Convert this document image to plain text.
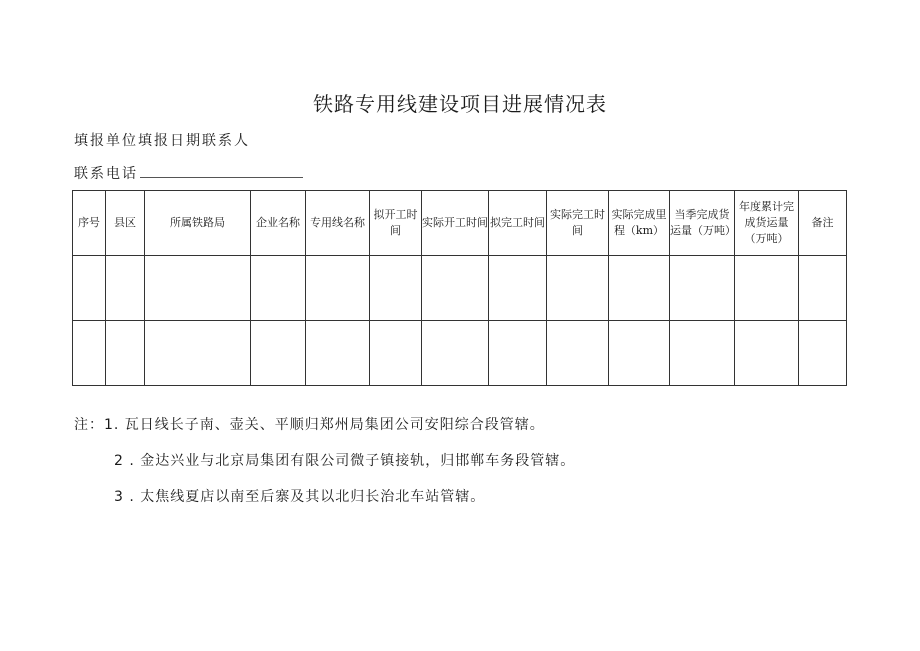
铁路专用线建设项目进展情况表
填报单位填报日期联系人
联系电话
序号	县区	所属铁路局	企业名称	专用线名称	拟开工时间	实际开工时间	拟完工时间	实际完工时间	实际完成里程（km）	当季完成货运量（万吨）	年度累计完成货运量（万吨）	备注

注：1. 瓦日线长子南、壶关、平顺归郑州局集团公司安阳综合段管辖。
2 . 金达兴业与北京局集团有限公司微子镇接轨，归邯郸车务段管辖。
3 . 太焦线夏店以南至后寨及其以北归长治北车站管辖。
